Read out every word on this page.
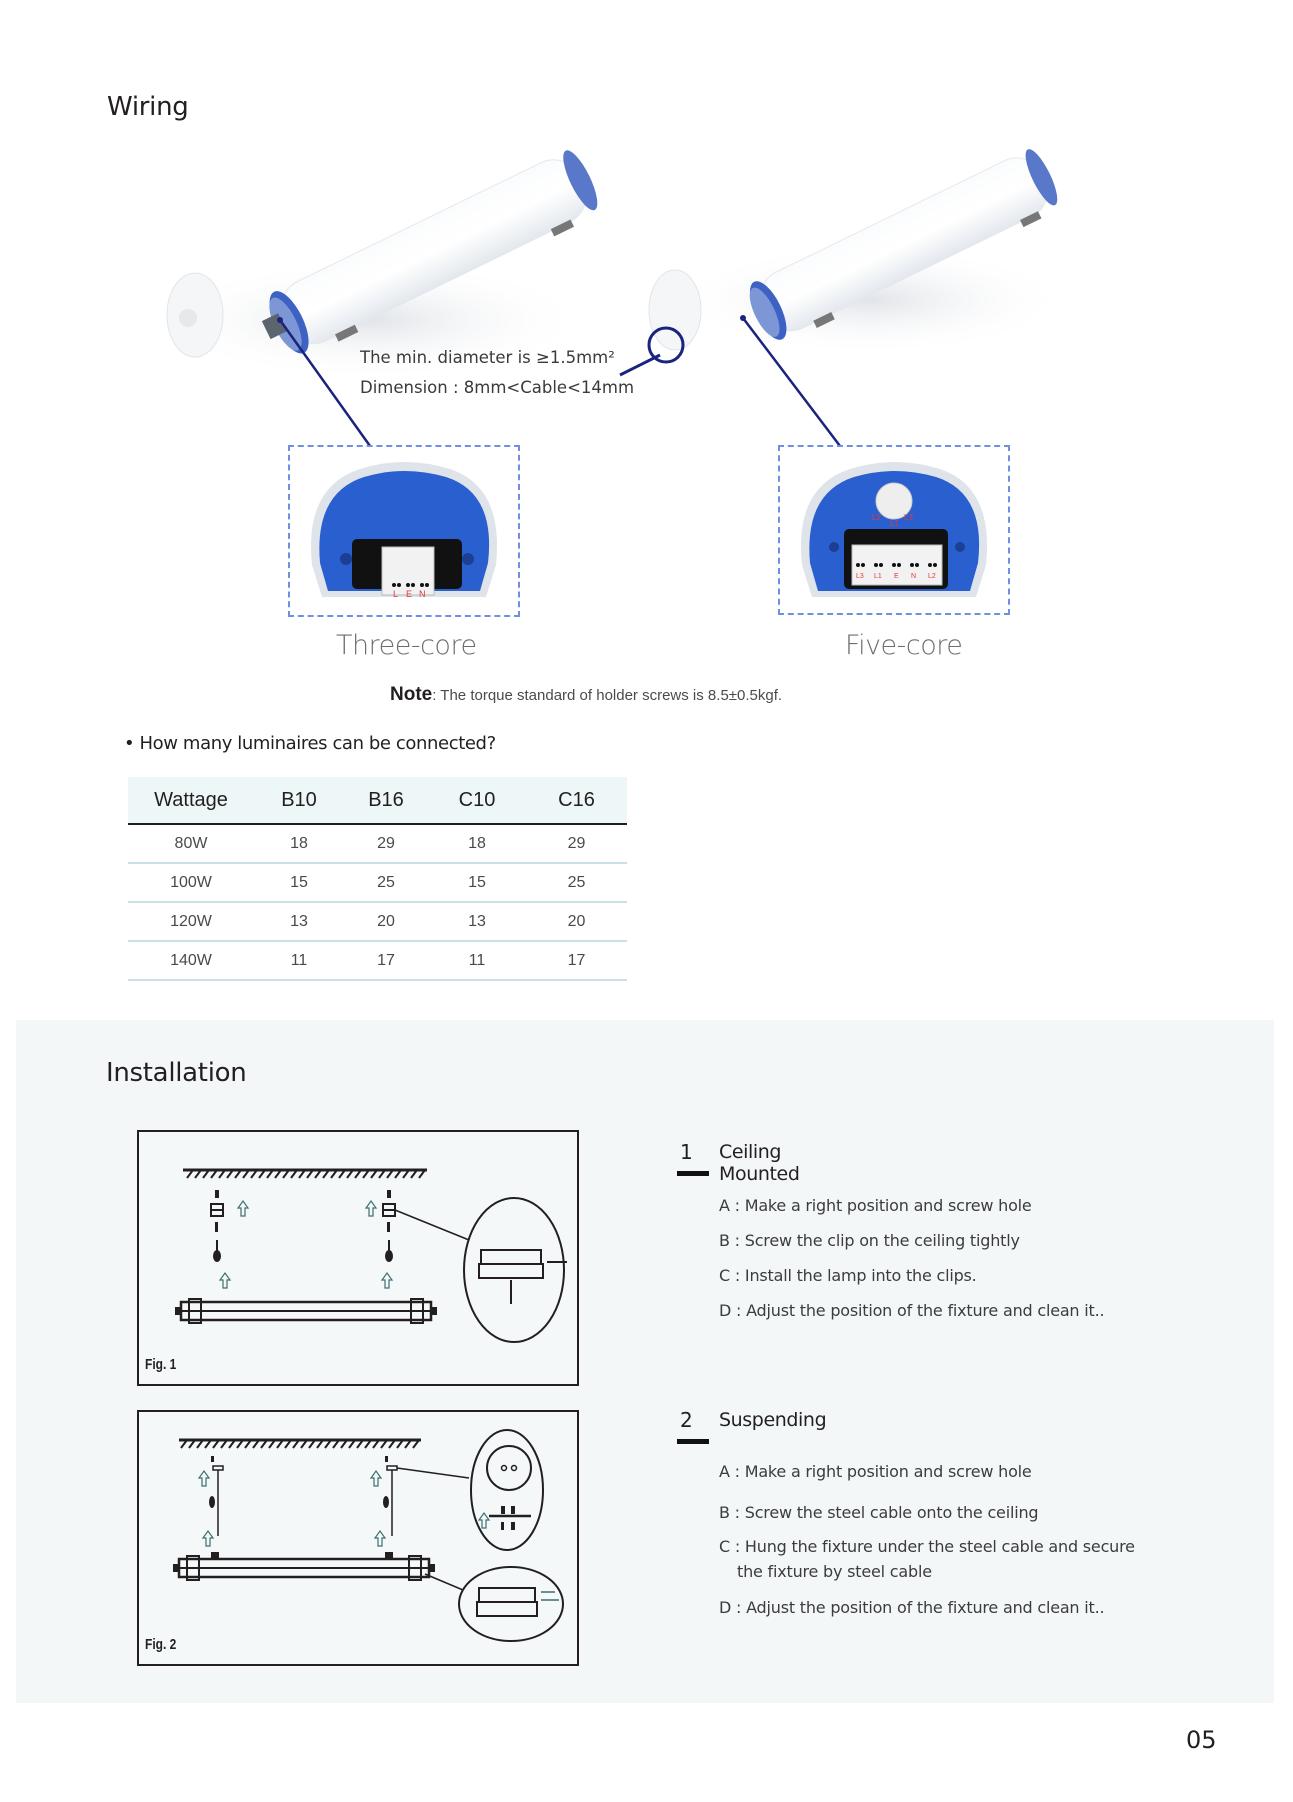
Wiring
The min. diameter is ≥1.5mm²
Dimension : 8mm<Cable<14mm
L E N
Three-core
L2
L1
L3
L3 L1 E N L2
Five-core
Note: The torque standard of holder screws is 8.5±0.5kgf.
• How many luminaires can be connected?
Wattage	B10	B16	C10	C16
80W	18	29	18	29
100W	15	25	15	25
120W	13	20	13	20
140W	11	17	11	17
Installation
Fig. 1
Fig. 2
1 Ceiling Mounted
A : Make a right position and screw hole
B : Screw the clip on the ceiling tightly
C : Install the lamp into the clips.
D : Adjust the position of the fixture and clean it..
2 Suspending
A : Make a right position and screw hole
B : Screw the steel cable onto the ceiling
C : Hung the fixture under the steel cable and secure
the fixture by steel cable
D : Adjust the position of the fixture and clean it..
05
